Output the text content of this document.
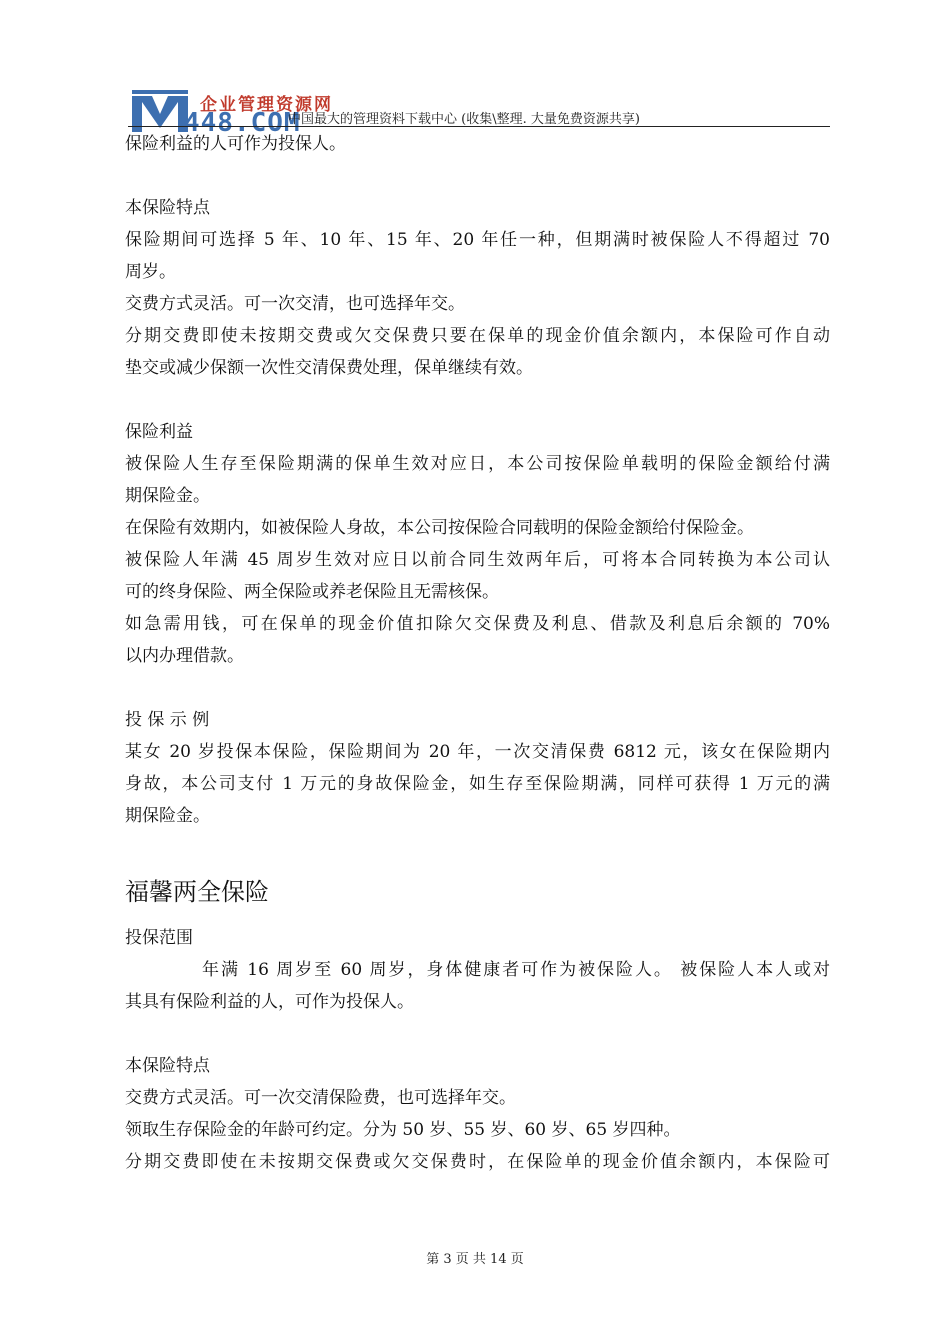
企业管理资源网
448.COM
中国最大的管理资料下载中心 (收集\整理. 大量免费资源共享)

保险利益的人可作为投保人。

本保险特点

保险期间可选择 5 年、10 年、15 年、20 年任一种，但期满时被保险人不得超过 70

周岁。

交费方式灵活。可一次交清，也可选择年交。

分期交费即使未按期交费或欠交保费只要在保单的现金价值余额内，本保险可作自动

垫交或减少保额一次性交清保费处理，保单继续有效。

保险利益

被保险人生存至保险期满的保单生效对应日，本公司按保险单载明的保险金额给付满

期保险金。

在保险有效期内，如被保险人身故，本公司按保险合同载明的保险金额给付保险金。

被保险人年满 45 周岁生效对应日以前合同生效两年后，可将本合同转换为本公司认

可的终身保险、两全保险或养老保险且无需核保。

如急需用钱，可在保单的现金价值扣除欠交保费及利息、借款及利息后余额的 70%

以内办理借款。

投 保 示 例

某女 20 岁投保本保险，保险期间为 20 年，一次交清保费 6812 元，该女在保险期内

身故，本公司支付 1 万元的身故保险金，如生存至保险期满，同样可获得 1 万元的满

期保险金。

福馨两全保险

投保范围

年满 16 周岁至 60 周岁，身体健康者可作为被保险人。 被保险人本人或对

其具有保险利益的人，可作为投保人。

本保险特点

交费方式灵活。可一次交清保险费，也可选择年交。

领取生存保险金的年龄可约定。分为 50 岁、55 岁、60 岁、65 岁四种。

分期交费即使在未按期交保费或欠交保费时，在保险单的现金价值余额内，本保险可

第 3 页 共 14 页
